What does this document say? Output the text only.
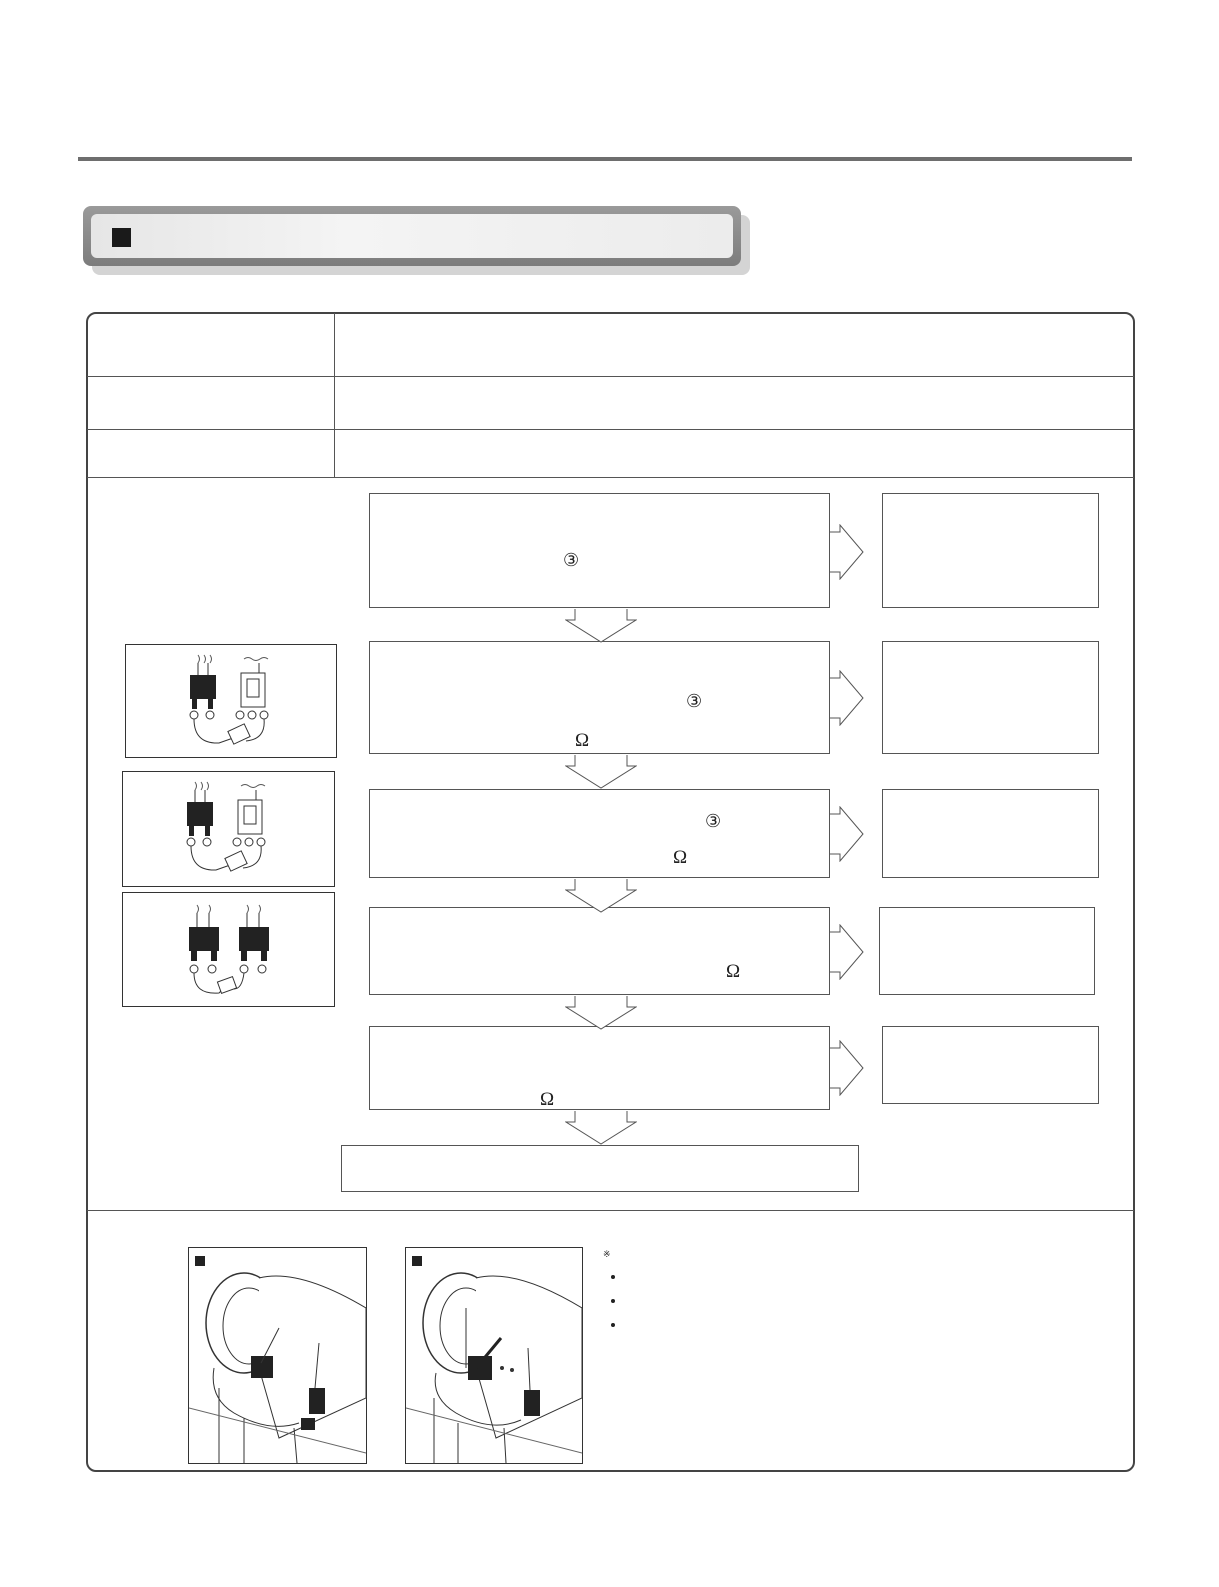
③
③
Ω
③
Ω
Ω
Ω
※
